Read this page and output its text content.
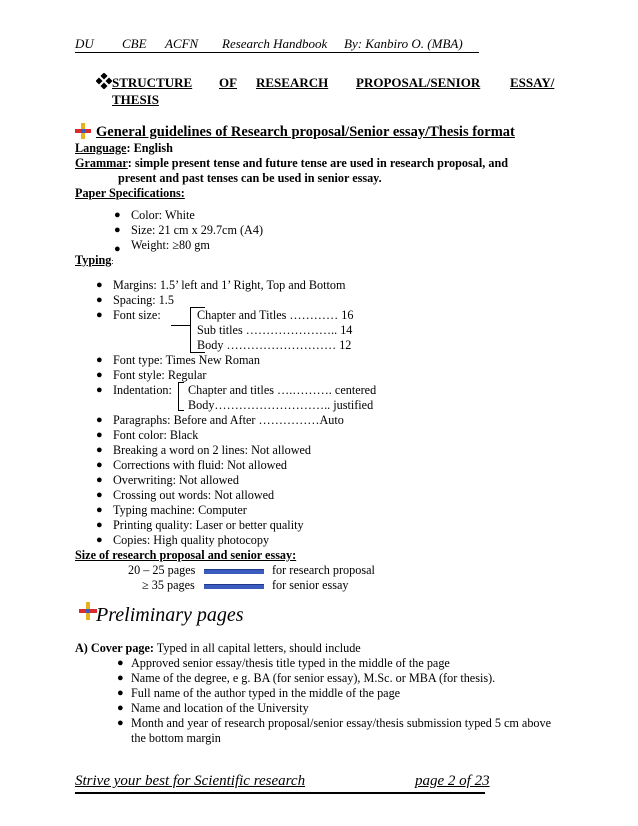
DU CBE ACFN Research Handbook By: Kanbiro O. (MBA)
STRUCTURE OF RESEARCH PROPOSAL/SENIOR ESSAY/
THESIS
General guidelines of Research proposal/Senior essay/Thesis format
Language: English
Grammar: simple present tense and future tense are used in research proposal, and
present and past tenses can be used in senior essay.
Paper Specifications:
● Color: White
● Size: 21 cm x 29.7cm (A4)
● Weight: ≥80 gm
Typing:
● Margins: 1.5’ left and 1’ Right, Top and Bottom
● Spacing: 1.5
● Font size:	Chapter and Titles ………… 16
Sub titles ………………….. 14
Body ……………………… 12
● Font type: Times New Roman
● Font style: Regular
● Indentation: Chapter and titles ….………. centered
Body……………………….. justified
● Paragraphs: Before and After ……………Auto
● Font color: Black
● Breaking a word on 2 lines: Not allowed
● Corrections with fluid: Not allowed
● Overwriting: Not allowed
● Crossing out words: Not allowed
● Typing machine: Computer
● Printing quality: Laser or better quality
● Copies: High quality photocopy
Size of research proposal and senior essay:
20 – 25 pages	for research proposal
≥ 35 pages	for senior essay
Preliminary pages
A) Cover page: Typed in all capital letters, should include
● Approved senior essay/thesis title typed in the middle of the page
● Name of the degree, e g. BA (for senior essay), M.Sc. or MBA (for thesis).
● Full name of the author typed in the middle of the page
● Name and location of the University
● Month and year of research proposal/senior essay/thesis submission typed 5 cm above
the bottom margin
Strive your best for Scientific research	page 2 of 23
